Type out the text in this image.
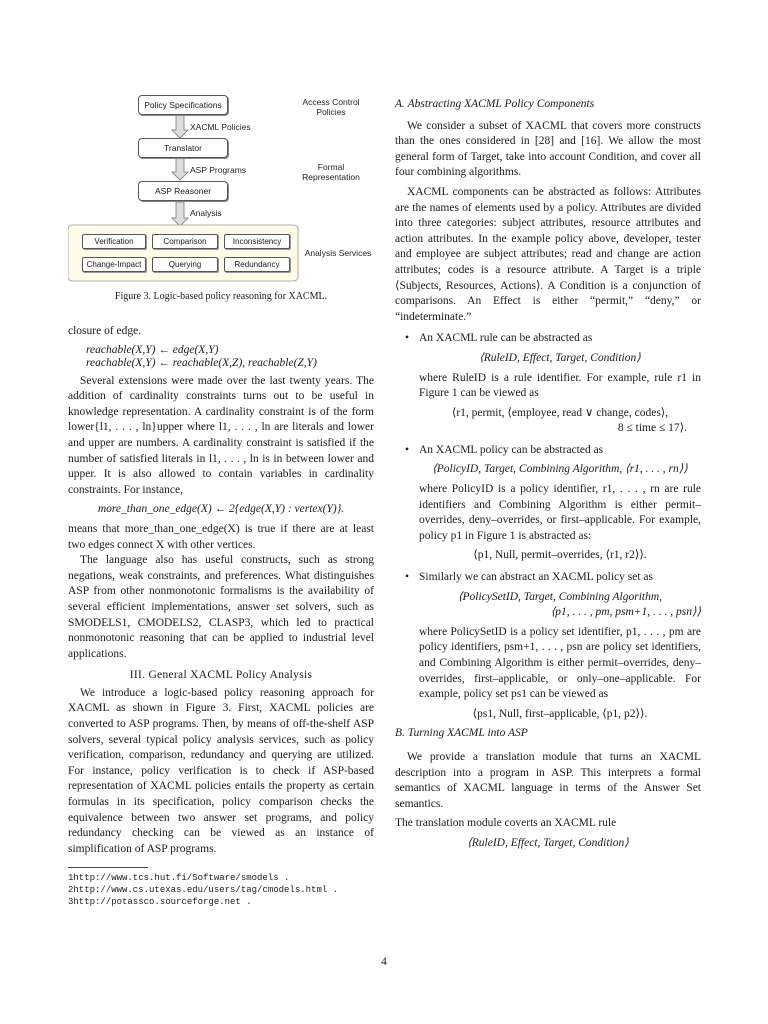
Policy Specifications
XACML Policies
Translator
ASP Programs
ASP Reasoner
Analysis
Access Control Policies
Formal Representation
Analysis Services
Verification	Comparison	Inconsistency
Change-Impact	Querying	Redundancy
Figure 3. Logic-based policy reasoning for XACML.

closure of edge.

reachable(X,Y) ← edge(X,Y)
reachable(X,Y) ← reachable(X,Z), reachable(Z,Y)

Several extensions were made over the last twenty years. The addition of cardinality constraints turns out to be useful in knowledge representation. A cardinality constraint is of the form lower{l1, . . . , ln}upper where l1, . . . , ln are literals and lower and upper are numbers. A cardinality constraint is satisfied if the number of satisfied literals in l1, . . . , ln is in between lower and upper. It is also allowed to contain variables in cardinality constraints. For instance,

more_than_one_edge(X) ← 2{edge(X,Y) : vertex(Y)}.

means that more_than_one_edge(X) is true if there are at least two edges connect X with other vertices.

The language also has useful constructs, such as strong negations, weak constraints, and preferences. What distinguishes ASP from other nonmonotonic formalisms is the availability of several efficient implementations, answer set solvers, such as SMODELS1, CMODELS2, CLASP3, which led to practical nonmonotonic reasoning that can be applied to industrial level applications.

III. General XACML Policy Analysis

We introduce a logic-based policy reasoning approach for XACML as shown in Figure 3. First, XACML policies are converted to ASP programs. Then, by means of off-the-shelf ASP solvers, several typical policy analysis services, such as policy verification, comparison, redundancy and querying are utilized. For instance, policy verification is to check if ASP-based representation of XACML policies entails the property as certain formulas in its specification, policy comparison checks the equivalence between two answer set programs, and policy redundancy checking can be viewed as an instance of simplification of ASP programs.

1http://www.tcs.hut.fi/Software/smodels .
2http://www.cs.utexas.edu/users/tag/cmodels.html .
3http://potassco.sourceforge.net .
A. Abstracting XACML Policy Components

We consider a subset of XACML that covers more constructs than the ones considered in [28] and [16]. We allow the most general form of Target, take into account Condition, and cover all four combining algorithms.

XACML components can be abstracted as follows: Attributes are the names of elements used by a policy. Attributes are divided into three categories: subject attributes, resource attributes and action attributes. In the example policy above, developer, tester and employee are subject attributes; read and change are action attributes; codes is a resource attribute. A Target is a triple ⟨Subjects, Resources, Actions⟩. A Condition is a conjunction of comparisons. An Effect is either “permit,” “deny,” or “indeterminate.”

• An XACML rule can be abstracted as

⟨RuleID, Effect, Target, Condition⟩

where RuleID is a rule identifier. For example, rule r1 in Figure 1 can be viewed as

⟨r1, permit, ⟨employee, read ∨ change, codes⟩,

8 ≤ time ≤ 17⟩.

• An XACML policy can be abstracted as

⟨PolicyID, Target, Combining Algorithm, ⟨r1, . . . , rn⟩⟩

where PolicyID is a policy identifier, r1, . . . , rn are rule identifiers and Combining Algorithm is either permit–overrides, deny–overrides, or first–applicable. For example, policy p1 in Figure 1 is abstracted as:

⟨p1, Null, permit–overrides, ⟨r1, r2⟩⟩.

• Similarly we can abstract an XACML policy set as

⟨PolicySetID, Target, Combining Algorithm,

⟨p1, . . . , pm, psm+1, . . . , psn⟩⟩

where PolicySetID is a policy set identifier, p1, . . . , pm are policy identifiers, psm+1, . . . , psn are policy set identifiers, and Combining Algorithm is either permit–overrides, deny–overrides, first–applicable, or only–one–applicable. For example, policy set ps1 can be viewed as

⟨ps1, Null, first–applicable, ⟨p1, p2⟩⟩.

B. Turning XACML into ASP

We provide a translation module that turns an XACML description into a program in ASP. This interprets a formal semantics of XACML language in terms of the Answer Set semantics.

The translation module coverts an XACML rule

⟨RuleID, Effect, Target, Condition⟩

4
